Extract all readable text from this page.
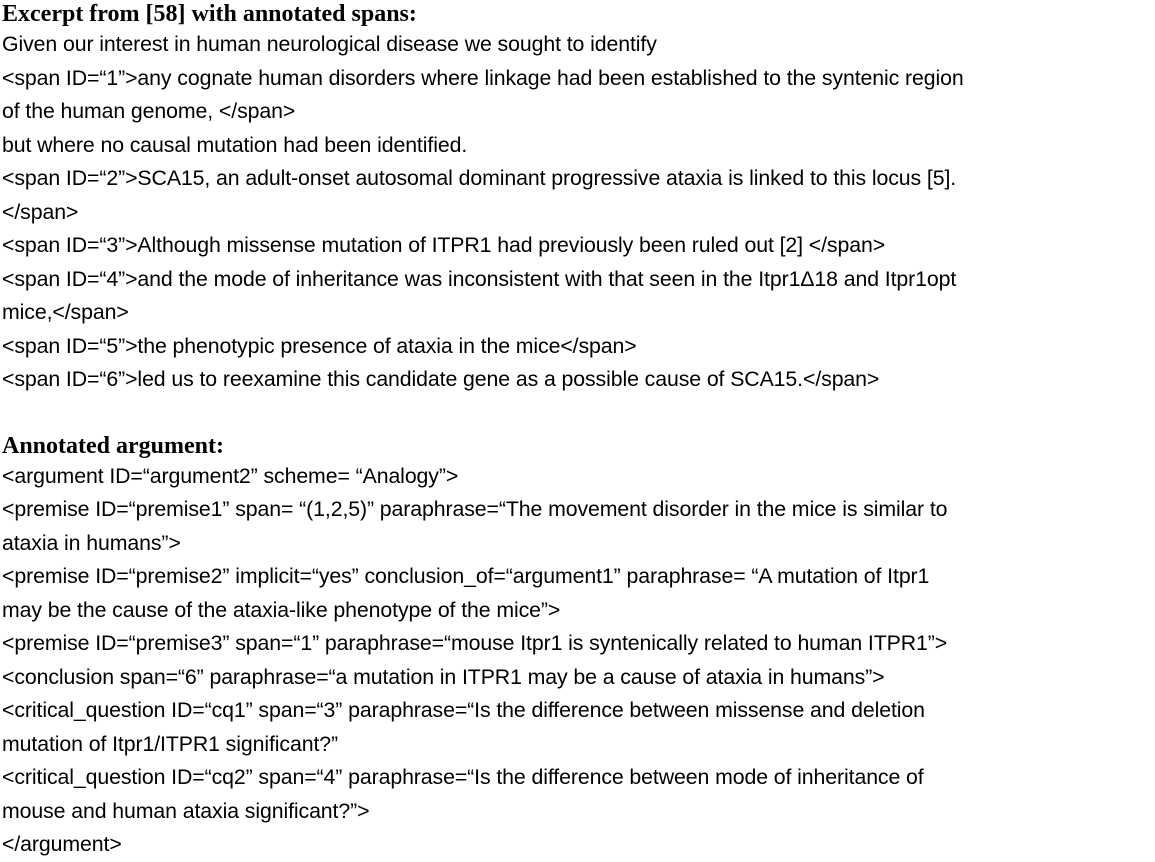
Excerpt from [58] with annotated spans:
Given our interest in human neurological disease we sought to identify
<span ID=“1”>any cognate human disorders where linkage had been established to the syntenic region
of the human genome, </span>
but where no causal mutation had been identified.
<span ID=“2”>SCA15, an adult-onset autosomal dominant progressive ataxia is linked to this locus [5].
</span>
<span ID=“3”>Although missense mutation of ITPR1 had previously been ruled out [2] </span>
<span ID=“4”>and the mode of inheritance was inconsistent with that seen in the Itpr1Δ18 and Itpr1opt
mice,</span>
<span ID=“5”>the phenotypic presence of ataxia in the mice</span>
<span ID=“6”>led us to reexamine this candidate gene as a possible cause of SCA15.</span>
Annotated argument:
<argument ID=“argument2” scheme= “Analogy”>
<premise ID=“premise1” span= “(1,2,5)” paraphrase=“The movement disorder in the mice is similar to
ataxia in humans”>
<premise ID=“premise2” implicit=“yes” conclusion_of=“argument1” paraphrase= “A mutation of Itpr1
may be the cause of the ataxia-like phenotype of the mice”>
<premise ID=“premise3” span=“1” paraphrase=“mouse Itpr1 is syntenically related to human ITPR1”>
<conclusion span=“6” paraphrase=“a mutation in ITPR1 may be a cause of ataxia in humans”>
<critical_question ID=“cq1” span=“3” paraphrase=“Is the difference between missense and deletion
mutation of Itpr1/ITPR1 significant?”
<critical_question ID=“cq2” span=“4” paraphrase=“Is the difference between mode of inheritance of
mouse and human ataxia significant?”>
</argument>
